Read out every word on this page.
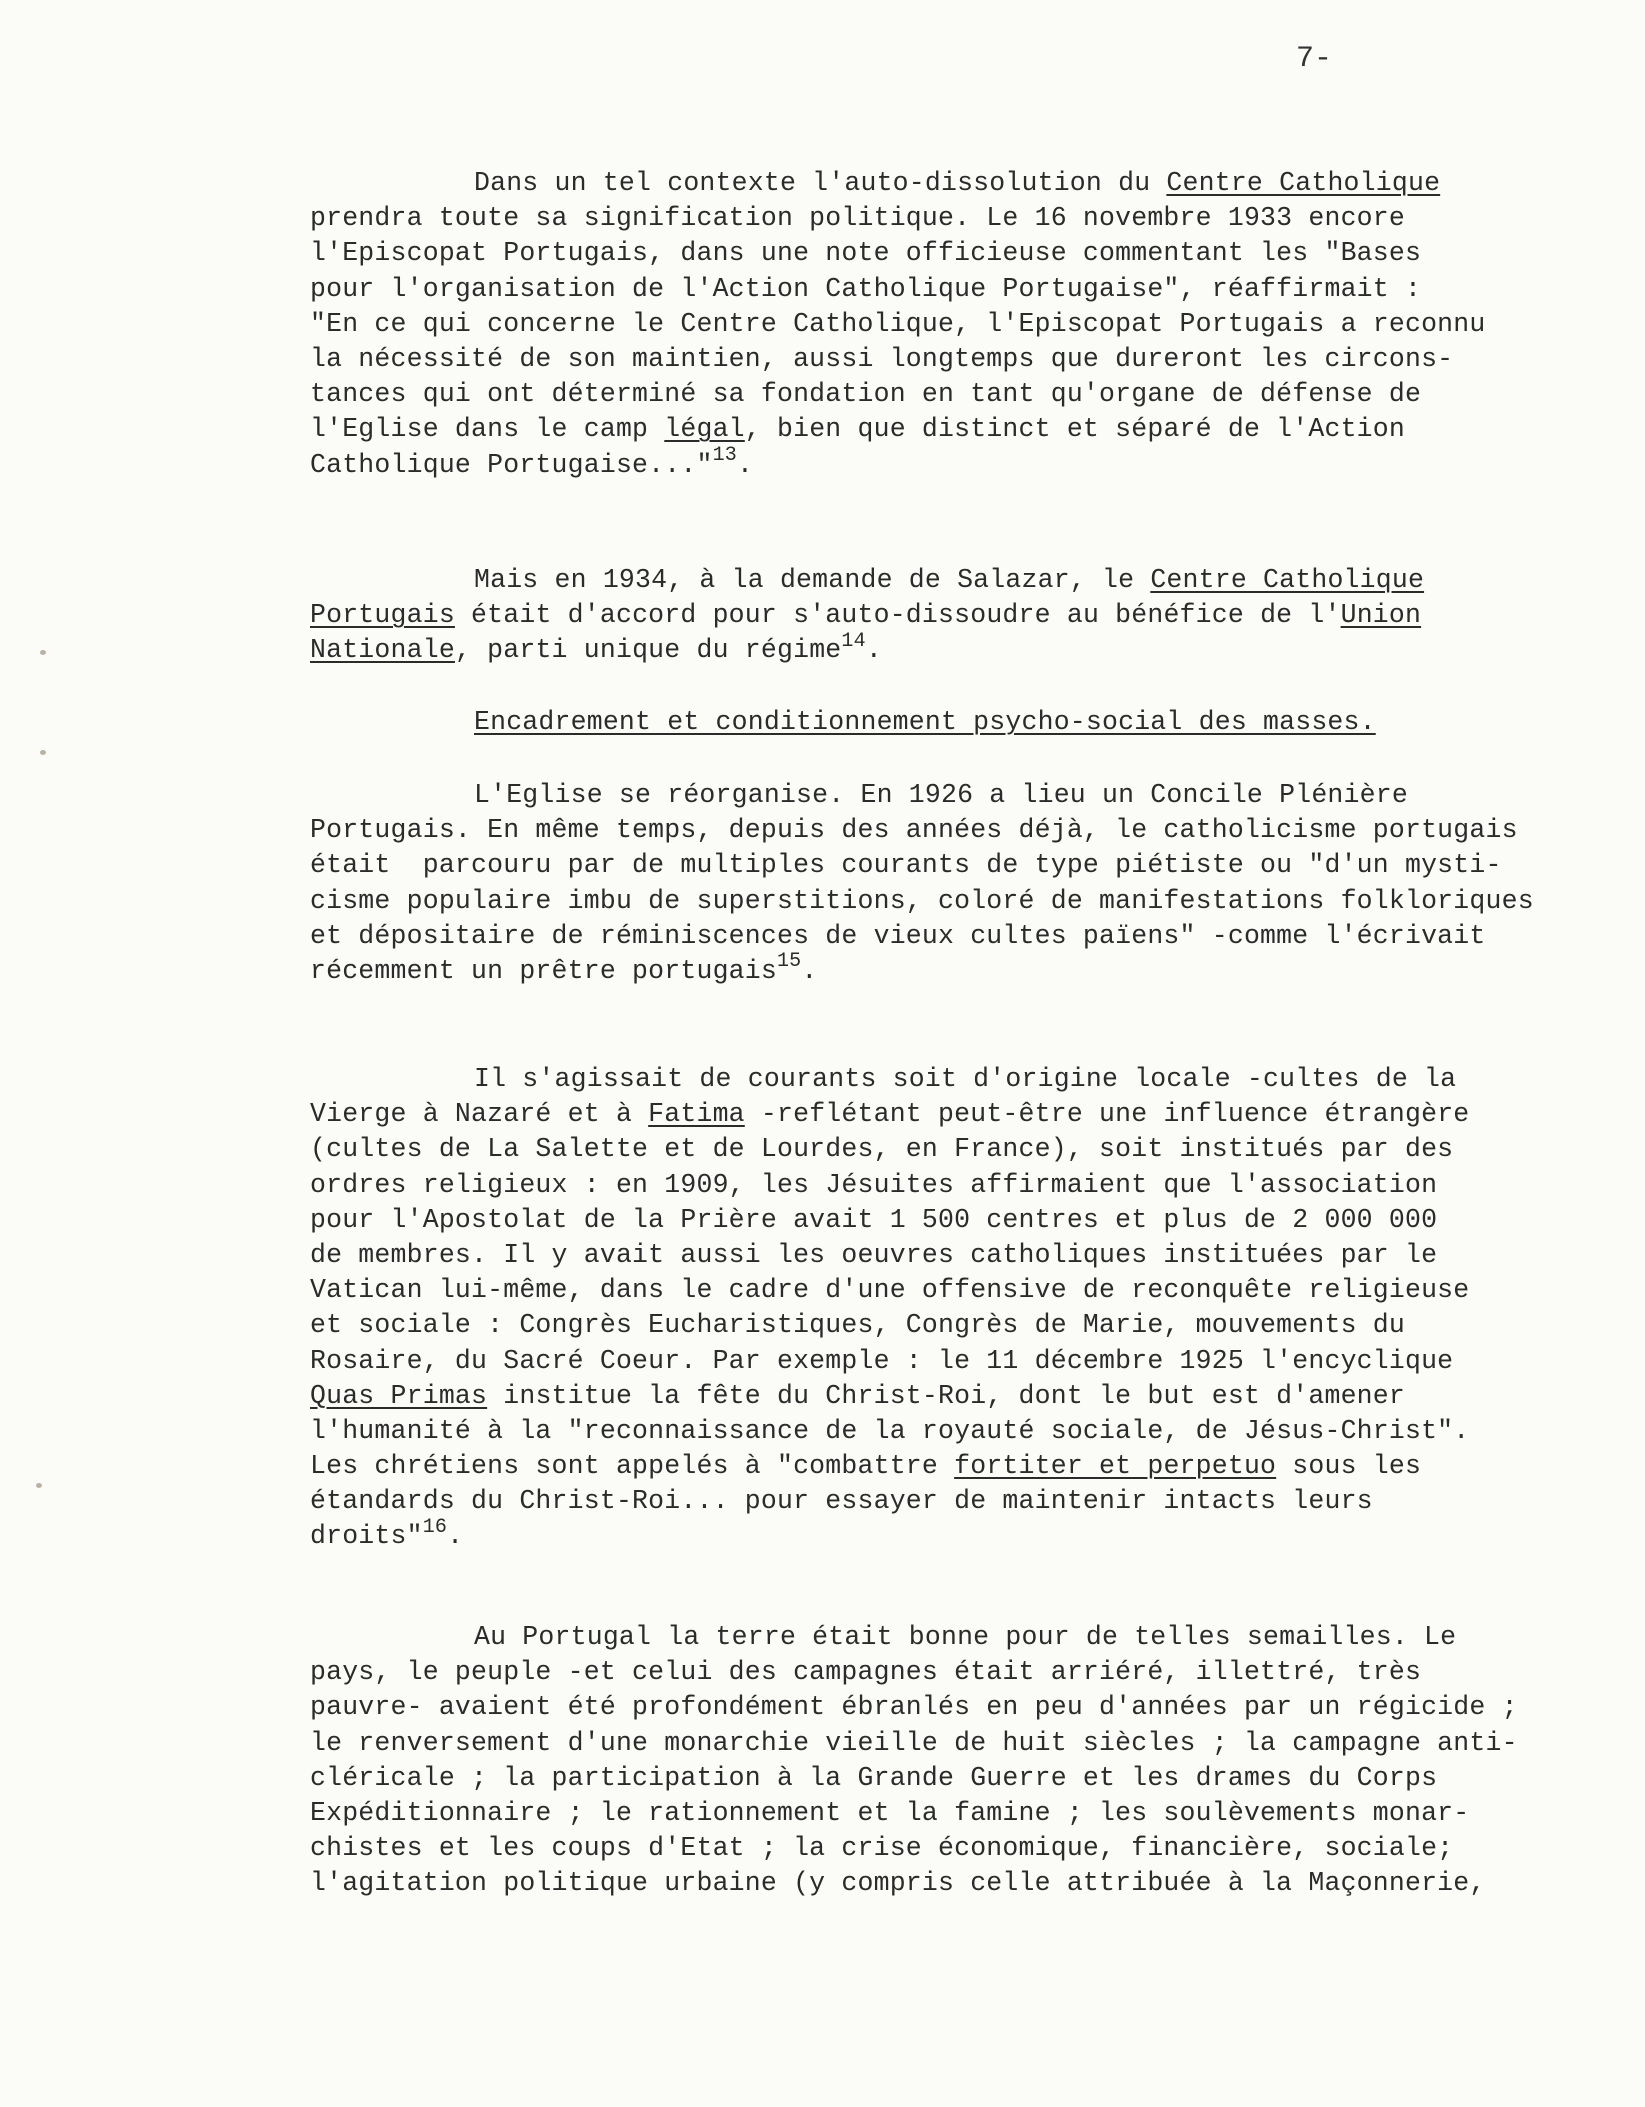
7-
Dans un tel contexte l'auto-dissolution du Centre Catholique
prendra toute sa signification politique. Le 16 novembre 1933 encore
l'Episcopat Portugais, dans une note officieuse commentant les "Bases
pour l'organisation de l'Action Catholique Portugaise", réaffirmait :
"En ce qui concerne le Centre Catholique, l'Episcopat Portugais a reconnu
la nécessité de son maintien, aussi longtemps que dureront les circons-
tances qui ont déterminé sa fondation en tant qu'organe de défense de
l'Eglise dans le camp légal, bien que distinct et séparé de l'Action
Catholique Portugaise..."$^{13}$.
Mais en 1934, à la demande de Salazar, le Centre Catholique
Portugais était d'accord pour s'auto-dissoudre au bénéfice de l'Union
Nationale, parti unique du régime$^{14}$.
Encadrement et conditionnement psycho-social des masses.
L'Eglise se réorganise. En 1926 a lieu un Concile Plénière
Portugais. En même temps, depuis des années déjà, le catholicisme portugais
était  parcouru par de multiples courants de type piétiste ou "d'un mysti-
cisme populaire imbu de superstitions, coloré de manifestations folkloriques
et dépositaire de réminiscences de vieux cultes païens" -comme l'écrivait
récemment un prêtre portugais$^{15}$.
Il s'agissait de courants soit d'origine locale -cultes de la
Vierge à Nazaré et à Fatima -reflétant peut-être une influence étrangère
(cultes de La Salette et de Lourdes, en France), soit institués par des
ordres religieux : en 1909, les Jésuites affirmaient que l'association
pour l'Apostolat de la Prière avait 1 500 centres et plus de 2 000 000
de membres. Il y avait aussi les oeuvres catholiques instituées par le
Vatican lui-même, dans le cadre d'une offensive de reconquête religieuse
et sociale : Congrès Eucharistiques, Congrès de Marie, mouvements du
Rosaire, du Sacré Coeur. Par exemple : le 11 décembre 1925 l'encyclique
Quas Primas institue la fête du Christ-Roi, dont le but est d'amener
l'humanité à la "reconnaissance de la royauté sociale, de Jésus-Christ".
Les chrétiens sont appelés à "combattre fortiter et perpetuo sous les
étandards du Christ-Roi... pour essayer de maintenir intacts leurs
droits"$^{16}$.
Au Portugal la terre était bonne pour de telles semailles. Le
pays, le peuple -et celui des campagnes était arriéré, illettré, très
pauvre- avaient été profondément ébranlés en peu d'années par un régicide ;
le renversement d'une monarchie vieille de huit siècles ; la campagne anti-
cléricale ; la participation à la Grande Guerre et les drames du Corps
Expéditionnaire ; le rationnement et la famine ; les soulèvements monar-
chistes et les coups d'Etat ; la crise économique, financière, sociale;
l'agitation politique urbaine (y compris celle attribuée à la Maçonnerie,
